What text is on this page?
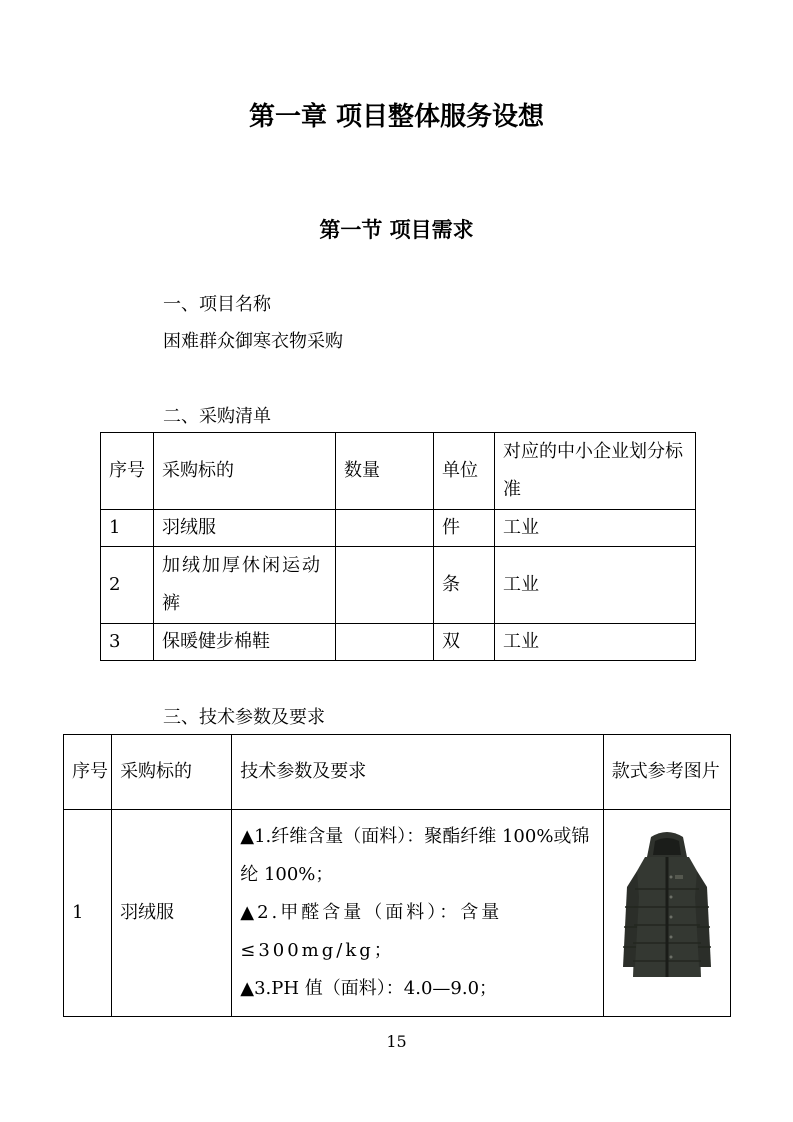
第一章 项目整体服务设想
第一节 项目需求
一、项目名称
困难群众御寒衣物采购
二、采购清单
序号	采购标的	数量	单位	对应的中小企业划分标准
1	羽绒服		件	工业
2	加绒加厚休闲运动裤		条	工业
3	保暖健步棉鞋		双	工业
三、技术参数及要求
序号	采购标的	技术参数及要求	款式参考图片
1	羽绒服	▲1.纤维含量（面料）：聚酯纤维 100%或锦纶 100%；
▲2.甲醛含量（面料）：含量≤300mg/kg；
▲3.PH 值（面料）：4.0—9.0；

15
